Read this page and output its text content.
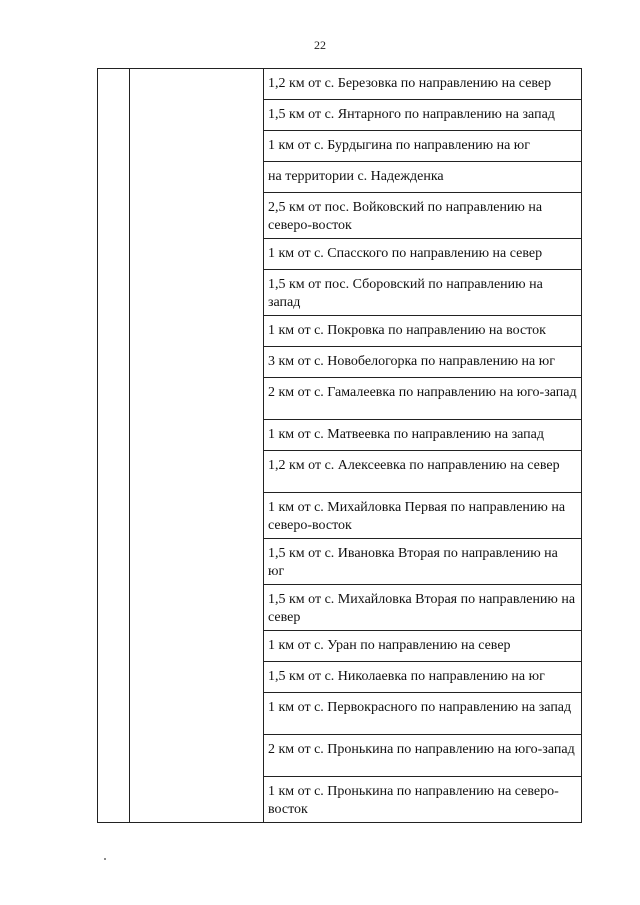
22
		1,2 км от с. Березовка по направлению на север
1,5 км от с. Янтарного по направлению на запад
1 км от с. Бурдыгина по направлению на юг
на территории с. Надежденка
2,5 км от пос. Войковский по направлению на северо-восток
1 км от с. Спасского по направлению на север
1,5 км от пос. Сборовский по направлению на запад
1 км от с. Покровка по направлению на восток
3 км от с. Новобелогорка по направлению на юг
2 км от с. Гамалеевка по направлению на юго-запад
1 км от с. Матвеевка по направлению на запад
1,2 км от с. Алексеевка по направлению на север
1 км от с. Михайловка Первая по направлению на северо-восток
1,5 км от с. Ивановка Вторая по направлению на юг
1,5 км от с. Михайловка Вторая по направлению на север
1 км от с. Уран по направлению на север
1,5 км от с. Николаевка по направлению на юг
1 км от с. Первокрасного по направлению на запад
2 км от с. Пронькина по направлению на юго-запад
1 км от с. Пронькина по направлению на северо-восток
